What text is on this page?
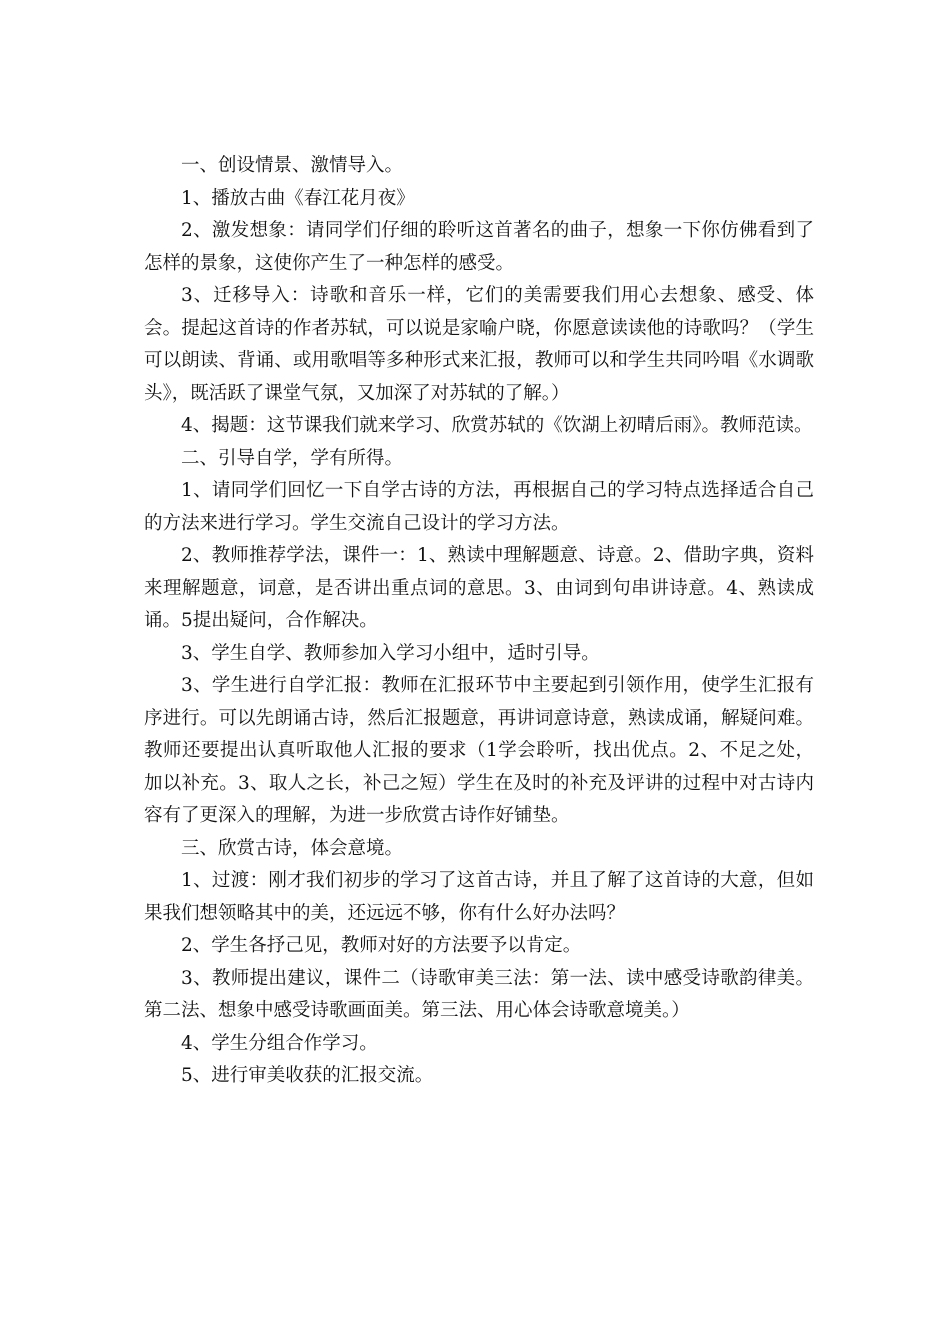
一、创设情景、激情导入。

1、播放古曲《春江花月夜》

2、激发想象：请同学们仔细的聆听这首著名的曲子，想象一下你仿佛看到了怎样的景象，这使你产生了一种怎样的感受。

3、迁移导入：诗歌和音乐一样，它们的美需要我们用心去想象、感受、体会。提起这首诗的作者苏轼，可以说是家喻户晓，你愿意读读他的诗歌吗？（学生可以朗读、背诵、或用歌唱等多种形式来汇报，教师可以和学生共同吟唱《水调歌头》，既活跃了课堂气氛，又加深了对苏轼的了解。）

4、揭题：这节课我们就来学习、欣赏苏轼的《饮湖上初晴后雨》。教师范读。

二、引导自学，学有所得。

1、请同学们回忆一下自学古诗的方法，再根据自己的学习特点选择适合自己的方法来进行学习。学生交流自己设计的学习方法。

2、教师推荐学法，课件一：1、熟读中理解题意、诗意。2、借助字典，资料来理解题意，词意，是否讲出重点词的意思。3、由词到句串讲诗意。4、熟读成诵。5提出疑问，合作解决。

3、学生自学、教师参加入学习小组中，适时引导。

3、学生进行自学汇报：教师在汇报环节中主要起到引领作用，使学生汇报有序进行。可以先朗诵古诗，然后汇报题意，再讲词意诗意，熟读成诵，解疑问难。教师还要提出认真听取他人汇报的要求（1学会聆听，找出优点。2、不足之处，加以补充。3、取人之长，补己之短）学生在及时的补充及评讲的过程中对古诗内容有了更深入的理解，为进一步欣赏古诗作好铺垫。

三、欣赏古诗，体会意境。

1、过渡：刚才我们初步的学习了这首古诗，并且了解了这首诗的大意，但如果我们想领略其中的美，还远远不够，你有什么好办法吗？

2、学生各抒己见，教师对好的方法要予以肯定。

3、教师提出建议，课件二（诗歌审美三法：第一法、读中感受诗歌韵律美。第二法、想象中感受诗歌画面美。第三法、用心体会诗歌意境美。）

4、学生分组合作学习。

5、进行审美收获的汇报交流。
